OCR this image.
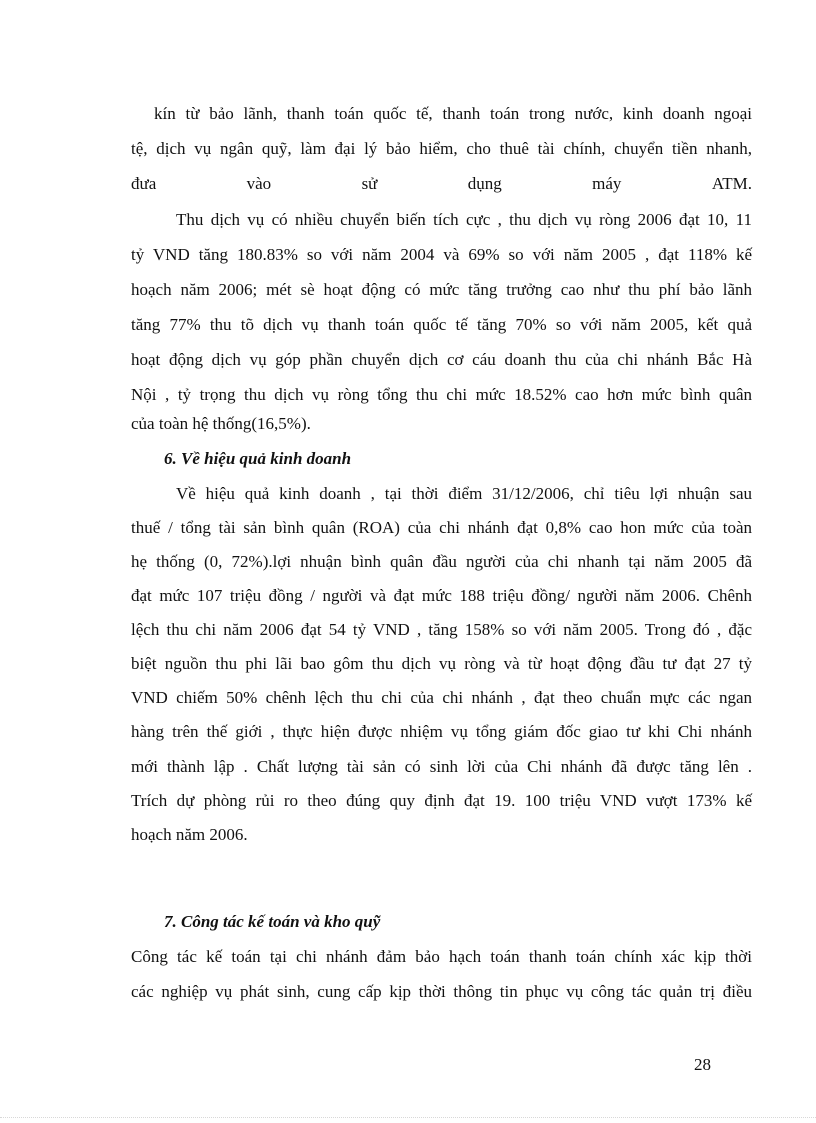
kín từ bảo lãnh, thanh toán quốc tế, thanh toán trong nước, kinh doanh ngoại
tệ, dịch vụ ngân quỹ, làm đại lý bảo hiểm, cho thuê tài chính, chuyển tiền nhanh,
đưa	vào	sử	dụng	máy	ATM.
Thu dịch vụ có nhiều chuyển biến tích cực , thu dịch vụ ròng 2006 đạt 10, 11
tỷ VND tăng 180.83% so với năm 2004 và 69% so với năm 2005 , đạt 118% kế
hoạch năm 2006; mét sè hoạt động có mức tăng trưởng cao như thu phí bảo lãnh
tăng 77% thu tõ dịch vụ thanh toán quốc tế tăng 70% so với năm 2005, kết quả
hoạt động dịch vụ góp phần chuyển dịch cơ cáu doanh thu của chi nhánh Bắc Hà
Nội , tỷ trọng thu dịch vụ ròng tổng thu chi mức 18.52% cao hơn mức bình quân
của toàn hệ thống(16,5%).
6. Về hiệu quả kinh doanh
Về hiệu quả kinh doanh , tại thời điểm 31/12/2006, chỉ tiêu lợi nhuận sau
thuế / tổng tài sản bình quân (ROA) của chi nhánh đạt 0,8% cao hon mức của toàn
hẹ thống (0, 72%).lợi nhuận bình quân đầu người của chi nhanh tại năm 2005 đã
đạt mức 107 triệu đồng / người và đạt mức 188 triệu đồng/ người năm 2006. Chênh
lệch thu chi năm 2006 đạt 54 tỷ VND , tăng 158% so với năm 2005. Trong đó , đặc
biệt nguồn thu phi lãi bao gôm thu dịch vụ ròng và từ hoạt động đầu tư đạt 27 tỷ
VND chiếm 50% chênh lệch thu chi của chi nhánh , đạt theo chuẩn mực các ngan
hàng trên thế giới , thực hiện được nhiệm vụ tổng giám đốc giao tư khi Chi nhánh
mới thành lập . Chất lượng tài sản có sinh lời của Chi nhánh đã được tăng lên .
Trích dự phòng rủi ro theo đúng quy định đạt 19. 100 triệu VND vượt 173% kế
hoạch năm 2006.
7. Công tác kế toán và kho quỹ
Công tác kế toán tại chi nhánh đảm bảo hạch toán thanh toán chính xác kịp thời
các nghiệp vụ phát sinh, cung cấp kịp thời thông tin phục vụ công tác quản trị điều
28
